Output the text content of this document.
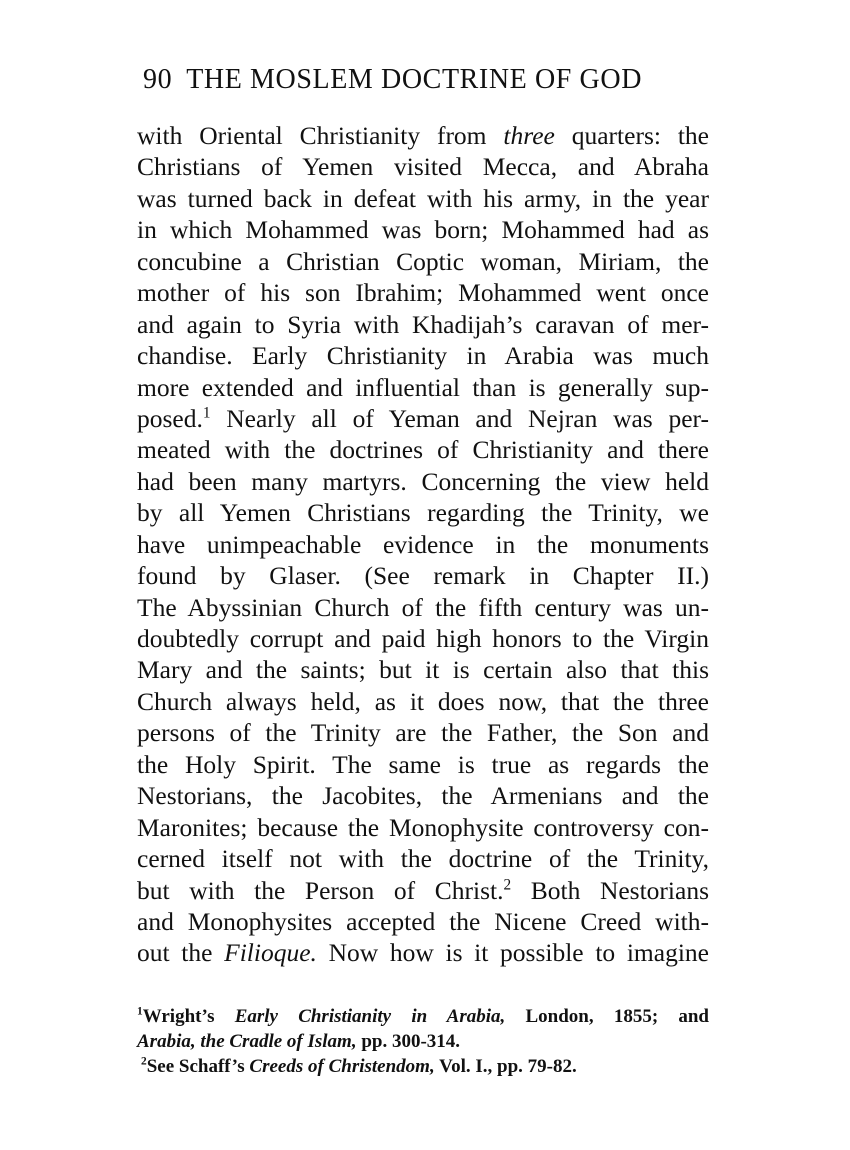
90 THE MOSLEM DOCTRINE OF GOD
with Oriental Christianity from three quarters: the
Christians of Yemen visited Mecca, and Abraha
was turned back in defeat with his army, in the year
in which Mohammed was born; Mohammed had as
concubine a Christian Coptic woman, Miriam, the
mother of his son Ibrahim; Mohammed went once
and again to Syria with Khadijah’s caravan of mer-
chandise. Early Christianity in Arabia was much
more extended and influential than is generally sup-
posed.$^1$ Nearly all of Yeman and Nejran was per-
meated with the doctrines of Christianity and there
had been many martyrs. Concerning the view held
by all Yemen Christians regarding the Trinity, we
have unimpeachable evidence in the monuments
found by Glaser. (See remark in Chapter II.)
The Abyssinian Church of the fifth century was un-
doubtedly corrupt and paid high honors to the Virgin
Mary and the saints; but it is certain also that this
Church always held, as it does now, that the three
persons of the Trinity are the Father, the Son and
the Holy Spirit. The same is true as regards the
Nestorians, the Jacobites, the Armenians and the
Maronites; because the Monophysite controversy con-
cerned itself not with the doctrine of the Trinity,
but with the Person of Christ.$^2$ Both Nestorians
and Monophysites accepted the Nicene Creed with-
out the Filioque. Now how is it possible to imagine
$^1$Wright’s Early Christianity in Arabia, London, 1855; and
Arabia, the Cradle of Islam, pp. 300-314.
$^2$See Schaff’s Creeds of Christendom, Vol. I., pp. 79-82.
